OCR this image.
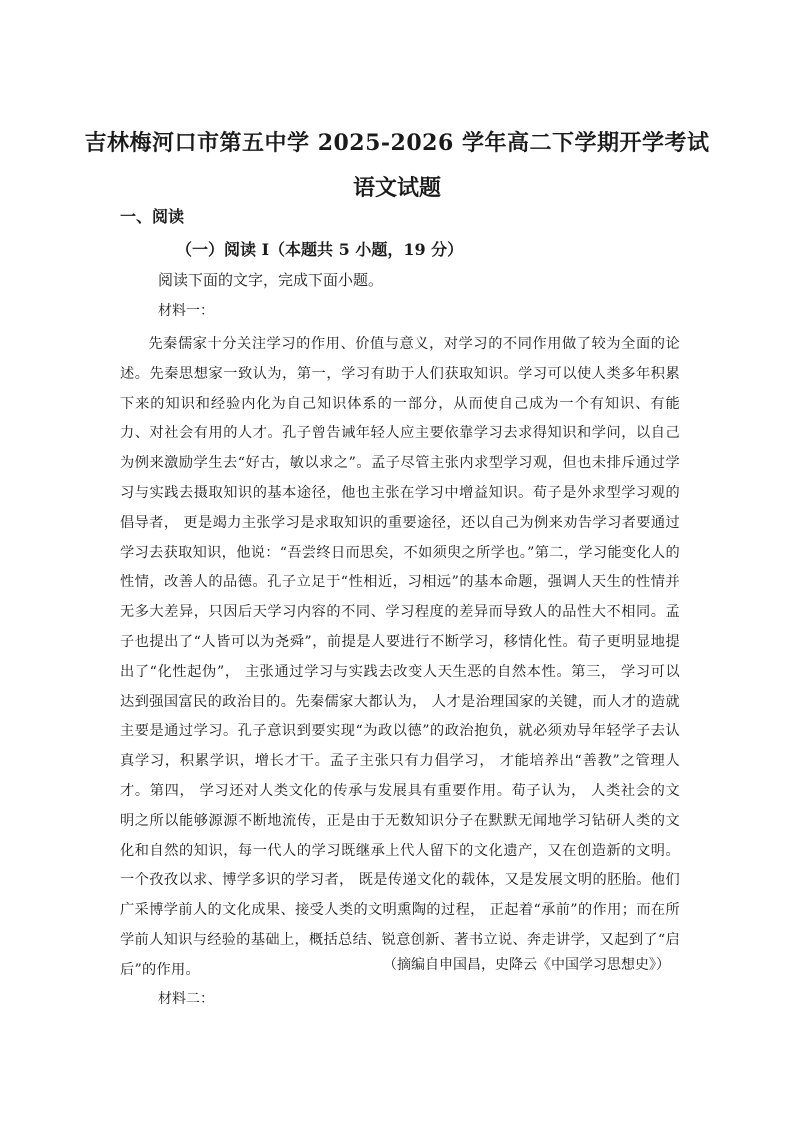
吉林梅河口市第五中学 2025-2026 学年高二下学期开学考试
语文试题
一、阅读
（一）阅读 I（本题共 5 小题，19 分）
阅读下面的文字，完成下面小题。
材料一：
先秦儒家十分关注学习的作用、价值与意义，对学习的不同作用做了较为全面的论述。先秦思想家一致认为，第一，学习有助于人们获取知识。学习可以使人类多年积累下来的知识和经验内化为自己知识体系的一部分，从而使自己成为一个有知识、有能力、对社会有用的人才。孔子曾告诫年轻人应主要依靠学习去求得知识和学问，以自己为例来激励学生去“好古，敏以求之”。孟子尽管主张内求型学习观，但也未排斥通过学习与实践去摄取知识的基本途径，他也主张在学习中增益知识。荀子是外求型学习观的倡导者， 更是竭力主张学习是求取知识的重要途径，还以自己为例来劝告学习者要通过学习去获取知识，他说：“吾尝终日而思矣，不如须臾之所学也。”第二，学习能变化人的性情，改善人的品德。孔子立足于“性相近，习相远”的基本命题，强调人天生的性情并无多大差异，只因后天学习内容的不同、学习程度的差异而导致人的品性大不相同。孟子也提出了“人皆可以为尧舜”，前提是人要进行不断学习，移情化性。荀子更明显地提出了“化性起伪”， 主张通过学习与实践去改变人天生恶的自然本性。第三， 学习可以达到强国富民的政治目的。先秦儒家大都认为， 人才是治理国家的关键，而人才的造就主要是通过学习。孔子意识到要实现“为政以德”的政治抱负，就必须劝导年轻学子去认真学习，积累学识，增长才干。孟子主张只有力倡学习， 才能培养出“善教”之管理人才。第四， 学习还对人类文化的传承与发展具有重要作用。荀子认为， 人类社会的文明之所以能够源源不断地流传，正是由于无数知识分子在默默无闻地学习钻研人类的文化和自然的知识，每一代人的学习既继承上代人留下的文化遗产，又在创造新的文明。一个孜孜以求、博学多识的学习者， 既是传递文化的载体，又是发展文明的胚胎。他们广采博学前人的文化成果、接受人类的文明熏陶的过程， 正起着“承前”的作用；而在所学前人知识与经验的基础上，概括总结、锐意创新、著书立说、奔走讲学，又起到了“启后”的作用。	（摘编自申国昌，史降云《中国学习思想史》）
材料二：
